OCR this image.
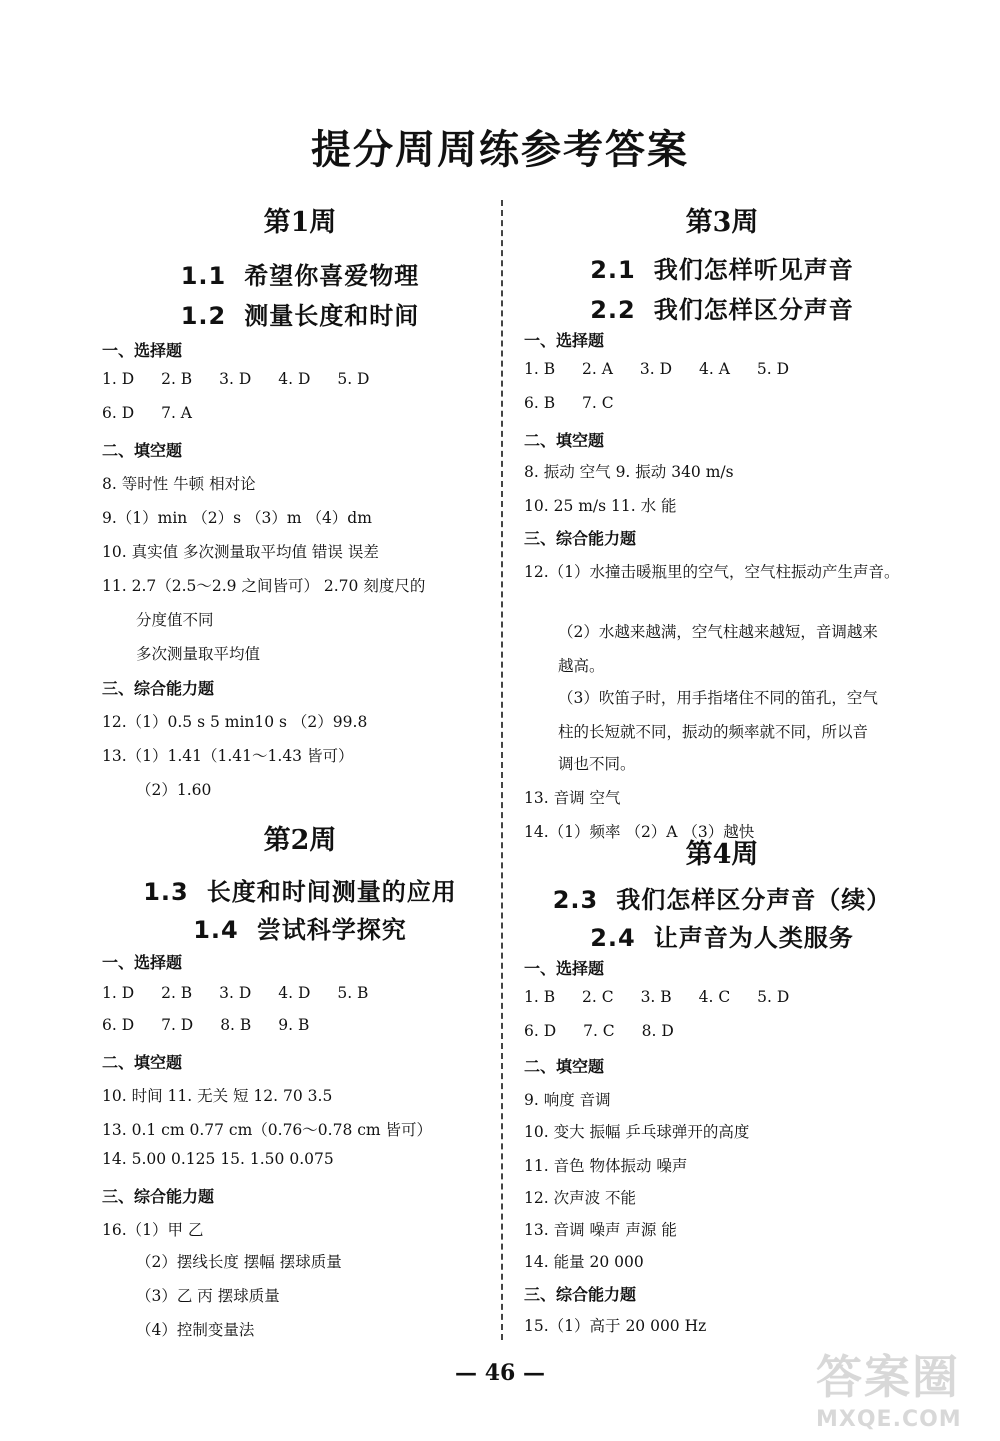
提分周周练参考答案
第1周
1.1 希望你喜爱物理
1.2 测量长度和时间
一、选择题
1. D 2. B 3. D 4. D 5. D
6. D 7. A
二、填空题
8. 等时性 牛顿 相对论
9.（1）min （2）s （3）m （4）dm
10. 真实值 多次测量取平均值 错误 误差
11. 2.7（2.5～2.9 之间皆可） 2.70 刻度尺的
分度值不同
多次测量取平均值
三、综合能力题
12.（1）0.5 s 5 min10 s （2）99.8
13.（1）1.41（1.41～1.43 皆可）
（2）1.60
第2周
1.3 长度和时间测量的应用
1.4 尝试科学探究
一、选择题
1. D 2. B 3. D 4. D 5. B
6. D 7. D 8. B 9. B
二、填空题
10. 时间 11. 无关 短 12. 70 3.5
13. 0.1 cm 0.77 cm（0.76～0.78 cm 皆可）
14. 5.00 0.125 15. 1.50 0.075
三、综合能力题
16.（1）甲 乙
（2）摆线长度 摆幅 摆球质量
（3）乙 丙 摆球质量
（4）控制变量法
第3周
2.1 我们怎样听见声音
2.2 我们怎样区分声音
一、选择题
1. B 2. A 3. D 4. A 5. D
6. B 7. C
二、填空题
8. 振动 空气 9. 振动 340 m/s
10. 25 m/s 11. 水 能
三、综合能力题
12.（1）水撞击暖瓶里的空气，空气柱振动产生声音。
（2）水越来越满，空气柱越来越短，音调越来
越高。
（3）吹笛子时，用手指堵住不同的笛孔，空气
柱的长短就不同，振动的频率就不同，所以音
调也不同。
13. 音调 空气
14.（1）频率 （2）A （3）越快
第4周
2.3 我们怎样区分声音（续）
2.4 让声音为人类服务
一、选择题
1. B 2. C 3. B 4. C 5. D
6. D 7. C 8. D
二、填空题
9. 响度 音调
10. 变大 振幅 乒乓球弹开的高度
11. 音色 物体振动 噪声
12. 次声波 不能
13. 音调 噪声 声源 能
14. 能量 20 000
三、综合能力题
15.（1）高于 20 000 Hz
— 46 —	答案圈
MXQE.COM
